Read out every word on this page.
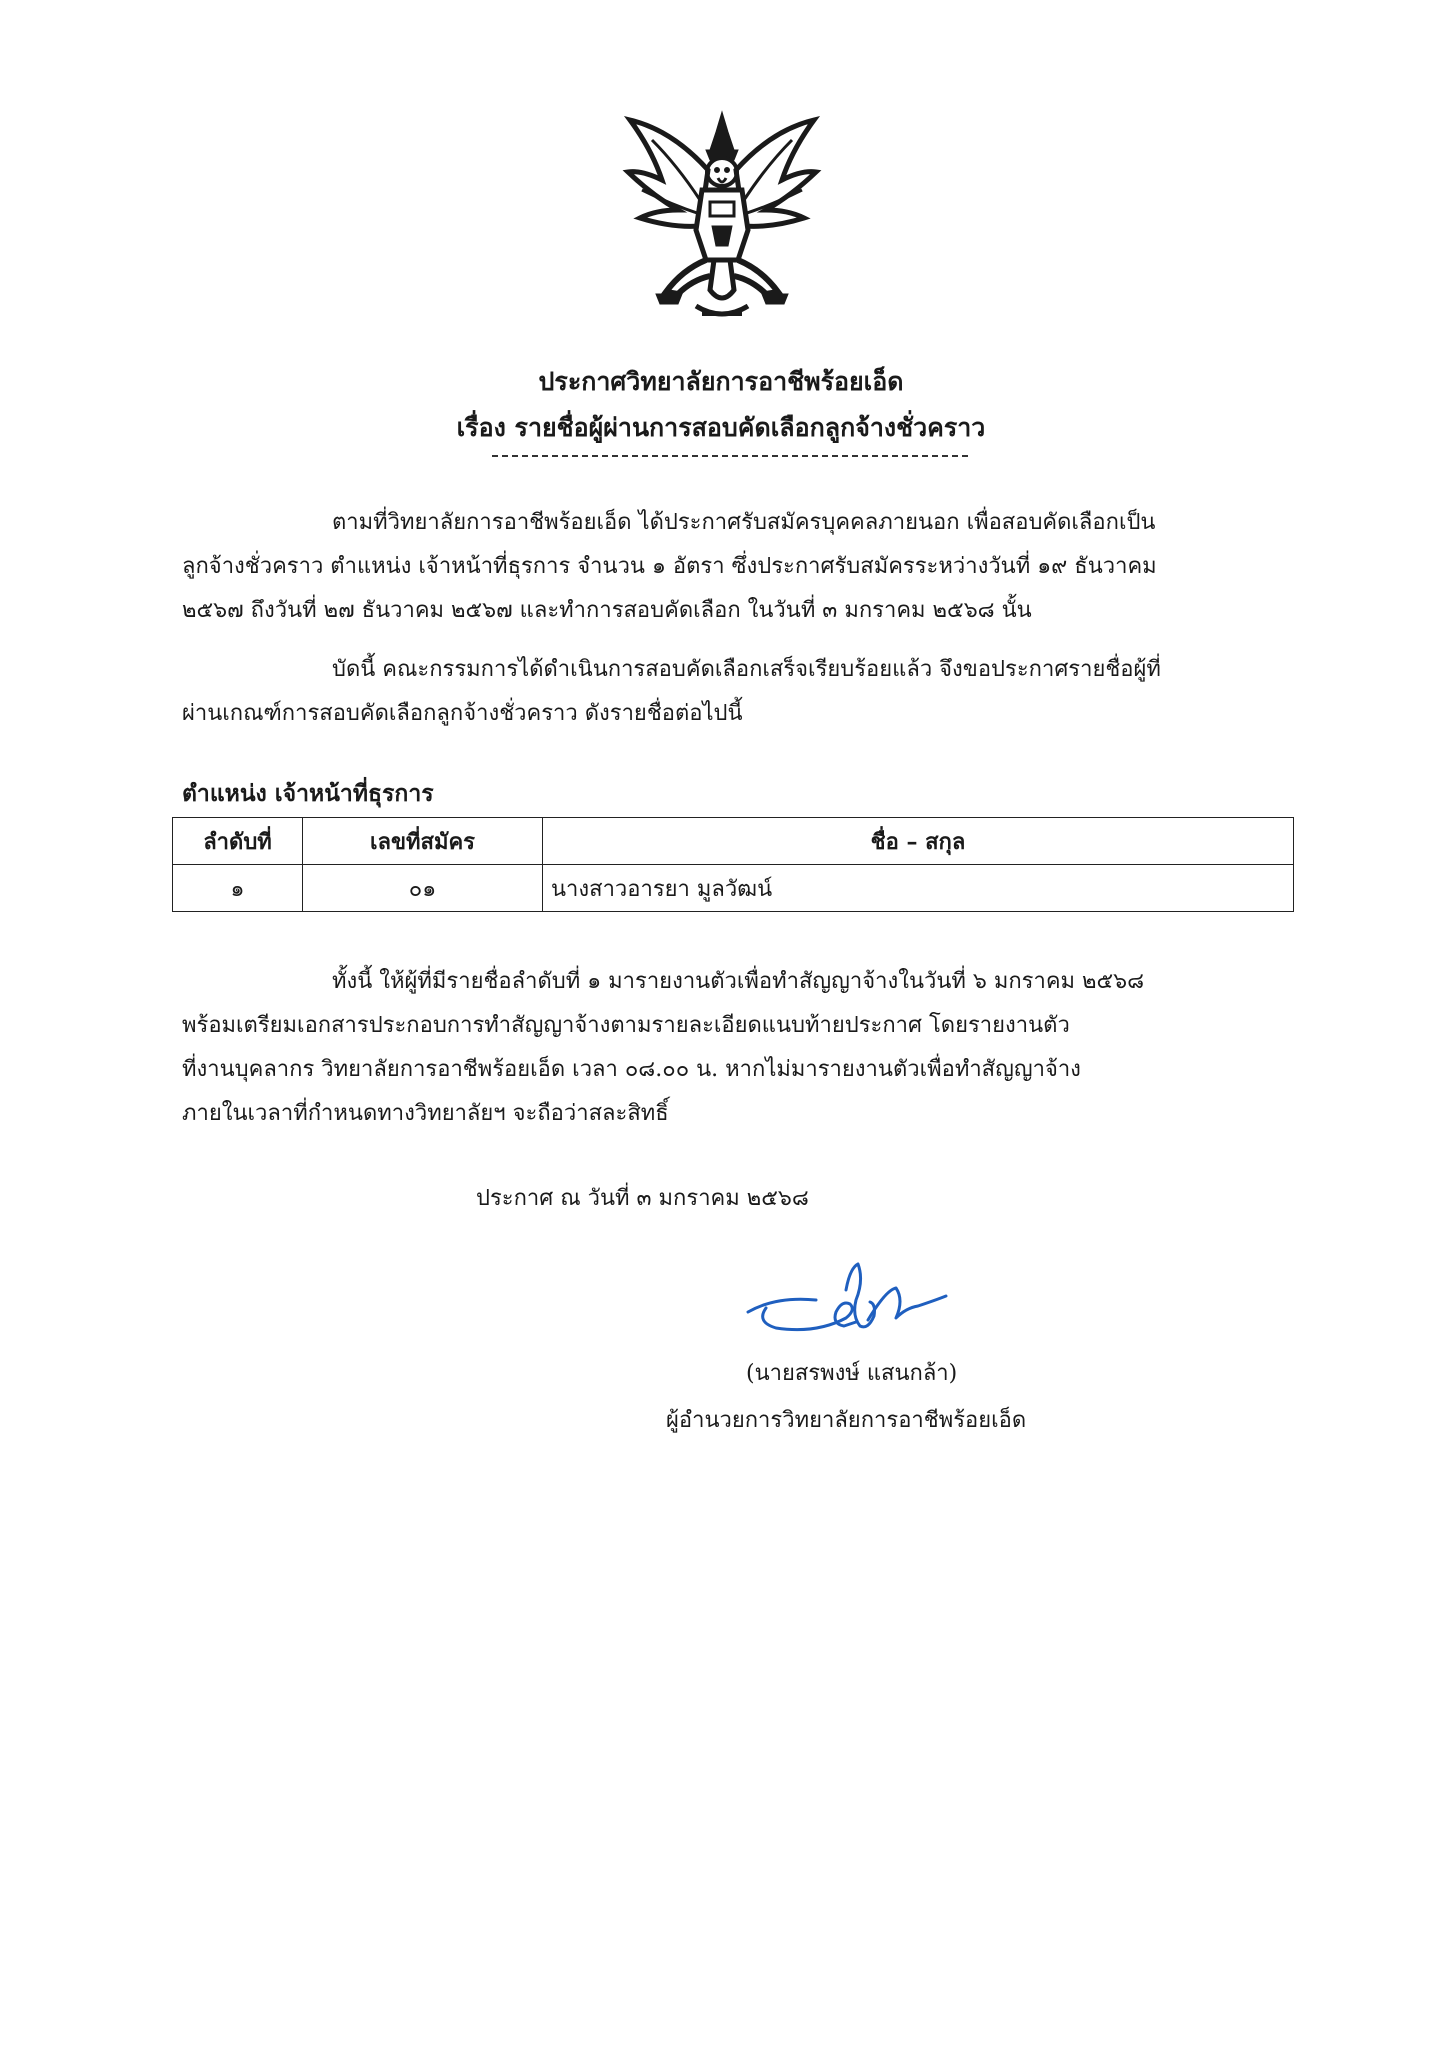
ประกาศวิทยาลัยการอาชีพร้อยเอ็ด
เรื่อง รายชื่อผู้ผ่านการสอบคัดเลือกลูกจ้างชั่วคราว
ตามที่วิทยาลัยการอาชีพร้อยเอ็ด ได้ประกาศรับสมัครบุคคลภายนอก เพื่อสอบคัดเลือกเป็น
ลูกจ้างชั่วคราว ตำแหน่ง เจ้าหน้าที่ธุรการ จำนวน ๑ อัตรา ซึ่งประกาศรับสมัครระหว่างวันที่ ๑๙ ธันวาคม
๒๕๖๗ ถึงวันที่ ๒๗ ธันวาคม ๒๕๖๗ และทำการสอบคัดเลือก ในวันที่ ๓ มกราคม ๒๕๖๘ นั้น
บัดนี้ คณะกรรมการได้ดำเนินการสอบคัดเลือกเสร็จเรียบร้อยแล้ว จึงขอประกาศรายชื่อผู้ที่
ผ่านเกณฑ์การสอบคัดเลือกลูกจ้างชั่วคราว ดังรายชื่อต่อไปนี้
ตำแหน่ง เจ้าหน้าที่ธุรการ
ลำดับที่	เลขที่สมัคร	ชื่อ – สกุล
๑	๐๑	นางสาวอารยา มูลวัฒน์
ทั้งนี้ ให้ผู้ที่มีรายชื่อลำดับที่ ๑ มารายงานตัวเพื่อทำสัญญาจ้างในวันที่ ๖ มกราคม ๒๕๖๘
พร้อมเตรียมเอกสารประกอบการทำสัญญาจ้างตามรายละเอียดแนบท้ายประกาศ โดยรายงานตัว
ที่งานบุคลากร วิทยาลัยการอาชีพร้อยเอ็ด เวลา ๐๘.๐๐ น. หากไม่มารายงานตัวเพื่อทำสัญญาจ้าง
ภายในเวลาที่กำหนดทางวิทยาลัยฯ จะถือว่าสละสิทธิ์
ประกาศ ณ วันที่ ๓ มกราคม ๒๕๖๘
(นายสรพงษ์ แสนกล้า)
ผู้อำนวยการวิทยาลัยการอาชีพร้อยเอ็ด
